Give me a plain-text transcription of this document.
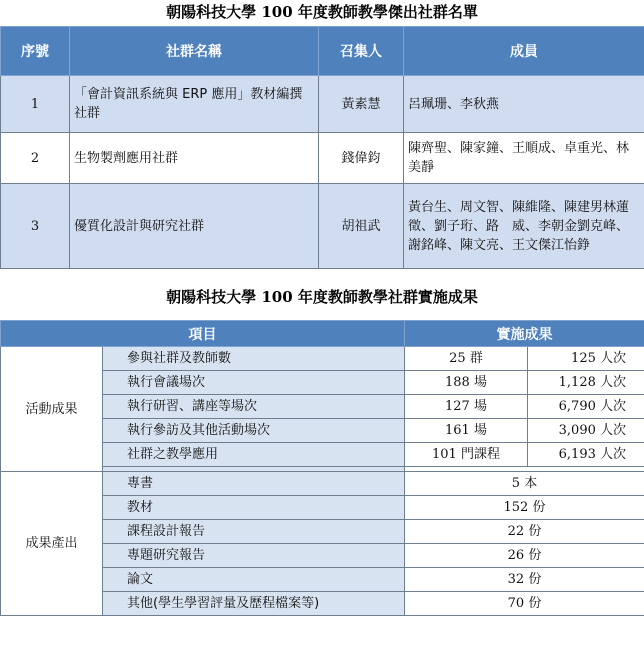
朝陽科技大學 100 年度教師教學傑出社群名單
序號	社群名稱	召集人	成員
1	「會計資訊系統與 ERP 應用」教材編撰社群	黃素慧	呂珮珊、李秋燕
2	生物製劑應用社群	錢偉鈞	陳齊聖、陳家鐘、王順成、卓重光、林美靜
3	優質化設計與研究社群	胡祖武	黃台生、周文智、陳維隆、陳建男林蓮徵、劉子珩、路　威、李朝金劉克峰、謝銘峰、陳文亮、王文傑江怡錚
朝陽科技大學 100 年度教師教學社群實施成果
項目		實施成果	
活動成果	參與社群及教師數	25 群	125 人次
	執行會議場次	188 場	1,128 人次
	執行研習、講座等場次	127 場	6,790 人次
	執行參訪及其他活動場次	161 場	3,090 人次
	社群之教學應用	101 門課程	6,193 人次

成果產出	專書	5 本	
	教材	152 份	
	課程設計報告	22 份	
	專題研究報告	26 份	
	論文	32 份	
	其他(學生學習評量及歷程檔案等)	70 份	
